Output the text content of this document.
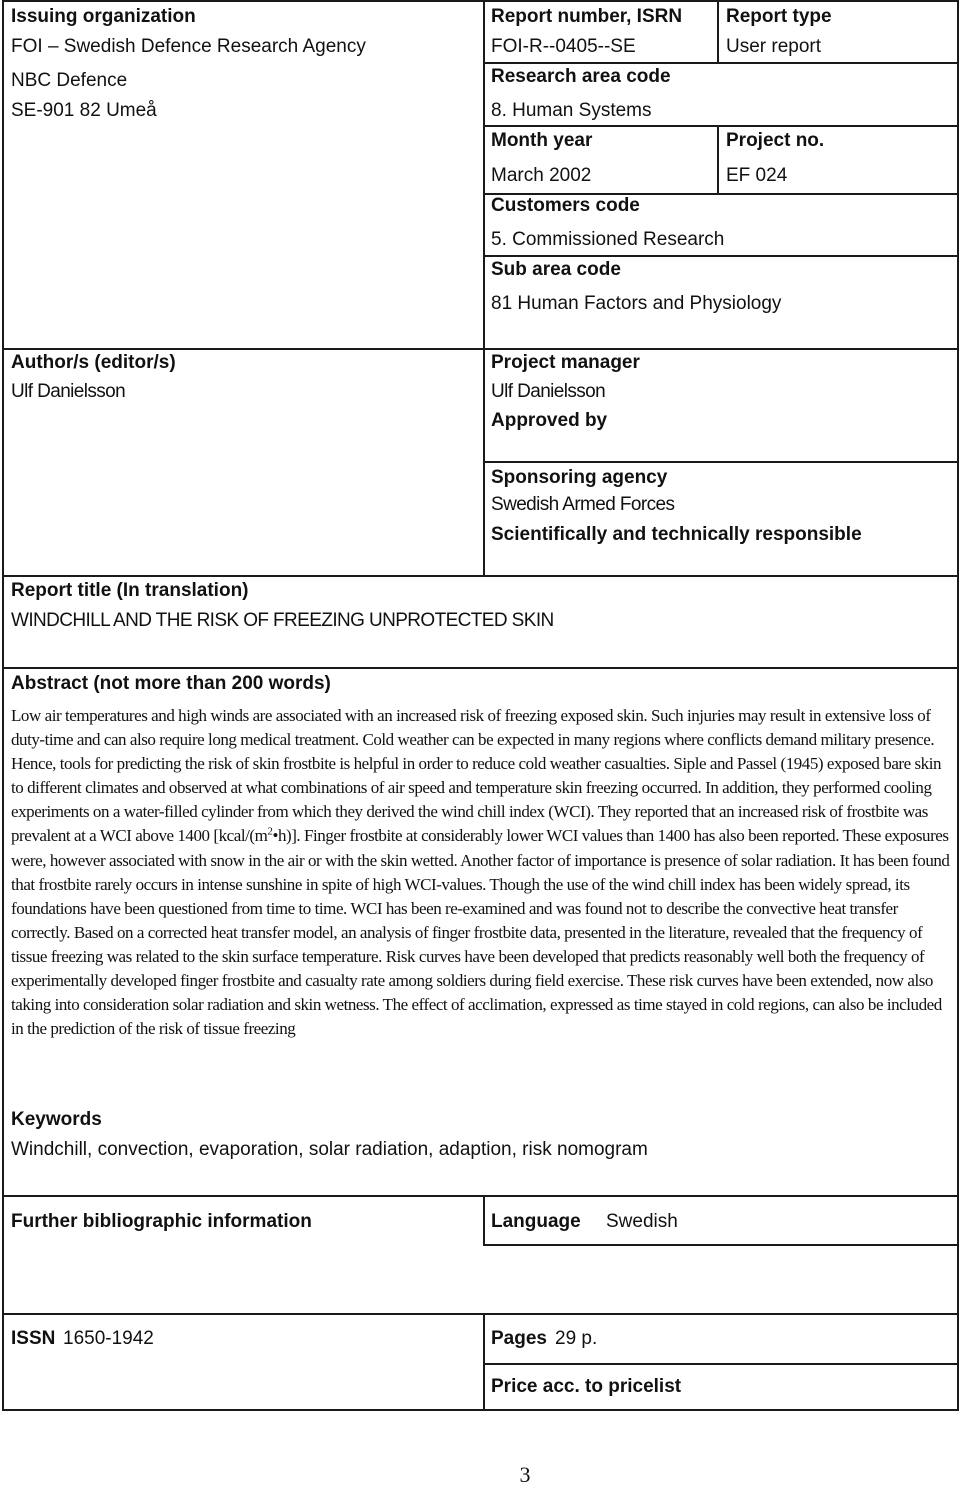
Issuing organization
FOI – Swedish Defence Research Agency
NBC Defence
SE-901 82 Umeå
Report number, ISRN
FOI-R--0405--SE
Report type
User report
Research area code
8. Human Systems
Month year
March 2002
Project no.
EF 024
Customers code
5. Commissioned Research
Sub area code
81 Human Factors and Physiology
Author/s (editor/s)
Ulf Danielsson
Project manager
Ulf Danielsson
Approved by
Sponsoring agency
Swedish Armed Forces
Scientifically and technically responsible
Report title (In translation)
WINDCHILL AND THE RISK OF FREEZING UNPROTECTED SKIN
Abstract (not more than 200 words)

Low air temperatures and high winds are associated with an increased risk of freezing exposed skin. Such injuries may result in extensive loss of duty-time and can also require long medical treatment. Cold weather can be expected in many regions where conflicts demand military presence. Hence, tools for predicting the risk of skin frostbite is helpful in order to reduce cold weather casualties. Siple and Passel (1945) exposed bare skin to different climates and observed at what combinations of air speed and temperature skin freezing occurred. In addition, they performed cooling experiments on a water-filled cylinder from which they derived the wind chill index (WCI). They reported that an increased risk of frostbite was prevalent at a WCI above 1400 $[kcal/(m^2•h)]$. Finger frostbite at considerably lower WCI values than 1400 has also been reported. These exposures were, however associated with snow in the air or with the skin wetted. Another factor of importance is presence of solar radiation. It has been found that frostbite rarely occurs in intense sunshine in spite of high WCI-values. Though the use of the wind chill index has been widely spread, its foundations have been questioned from time to time. WCI has been re-examined and was found not to describe the convective heat transfer correctly. Based on a corrected heat transfer model, an analysis of finger frostbite data, presented in the literature, revealed that the frequency of tissue freezing was related to the skin surface temperature. Risk curves have been developed that predicts reasonably well both the frequency of experimentally developed finger frostbite and casualty rate among soldiers during field exercise. These risk curves have been extended, now also taking into consideration solar radiation and skin wetness. The effect of acclimation, expressed as time stayed in cold regions, can also be included in the prediction of the risk of tissue freezing

Keywords
Windchill, convection, evaporation, solar radiation, adaption, risk nomogram
Further bibliographic information	Language Swedish
ISSN 1650-1942	Pages 29 p.
Price acc. to pricelist
3
